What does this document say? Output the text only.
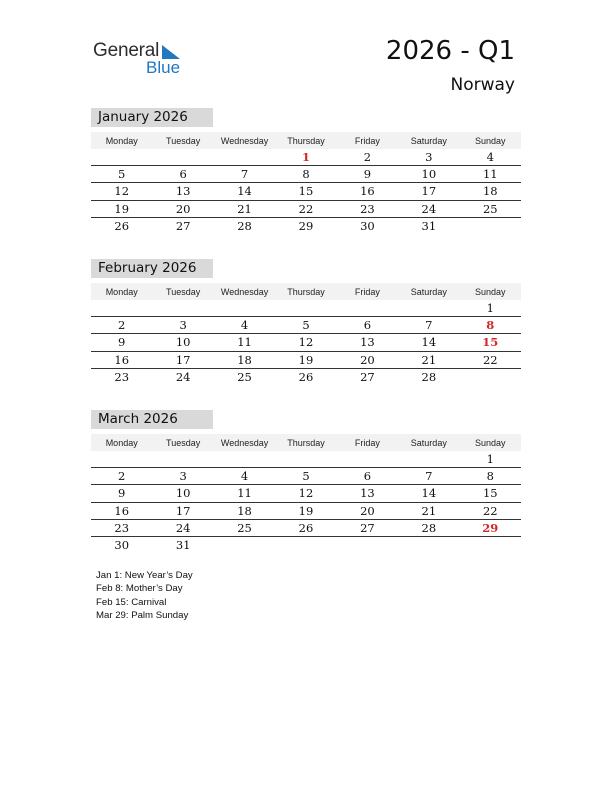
General
Blue
2026 - Q1
Norway
January 2026
Monday	Tuesday	Wednesday	Thursday	Friday	Saturday	Sunday
			1	2	3	4
5	6	7	8	9	10	11
12	13	14	15	16	17	18
19	20	21	22	23	24	25
26	27	28	29	30	31	
February 2026
Monday	Tuesday	Wednesday	Thursday	Friday	Saturday	Sunday
						1
2	3	4	5	6	7	8
9	10	11	12	13	14	15
16	17	18	19	20	21	22
23	24	25	26	27	28	
March 2026
Monday	Tuesday	Wednesday	Thursday	Friday	Saturday	Sunday
						1
2	3	4	5	6	7	8
9	10	11	12	13	14	15
16	17	18	19	20	21	22
23	24	25	26	27	28	29
30	31					
Jan 1: New Year’s Day
Feb 8: Mother’s Day
Feb 15: Carnival
Mar 29: Palm Sunday
